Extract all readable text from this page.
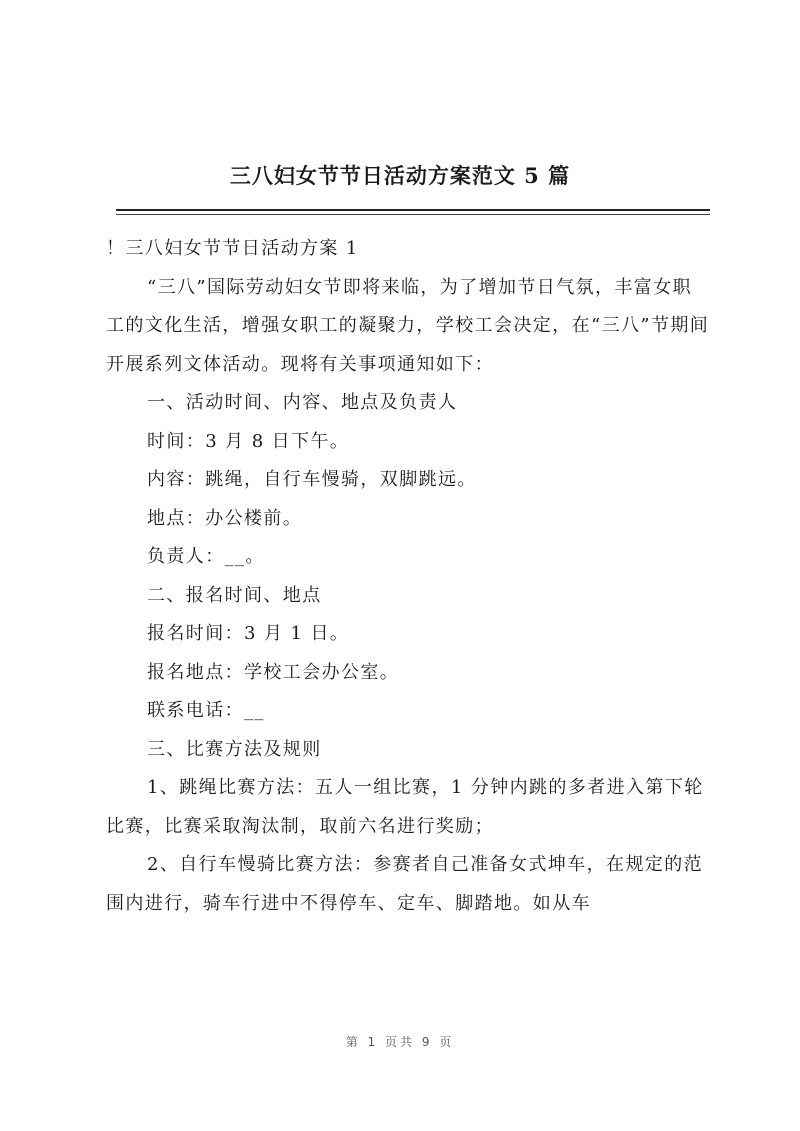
三八妇女节节日活动方案范文 5 篇

！三八妇女节节日活动方案 1

“三八”国际劳动妇女节即将来临，为了增加节日气氛，丰富女职工的文化生活，增强女职工的凝聚力，学校工会决定，在“三八”节期间开展系列文体活动。现将有关事项通知如下：

一、活动时间、内容、地点及负责人

时间：3 月 8 日下午。

内容：跳绳，自行车慢骑，双脚跳远。

地点：办公楼前。

负责人：__。

二、报名时间、地点

报名时间：3 月 1 日。

报名地点：学校工会办公室。

联系电话：__

三、比赛方法及规则

1、跳绳比赛方法：五人一组比赛，1 分钟内跳的多者进入第下轮比赛，比赛采取淘汰制，取前六名进行奖励；

2、自行车慢骑比赛方法：参赛者自己准备女式坤车，在规定的范围内进行，骑车行进中不得停车、定车、脚踏地。如从车

第 1 页共 9 页
